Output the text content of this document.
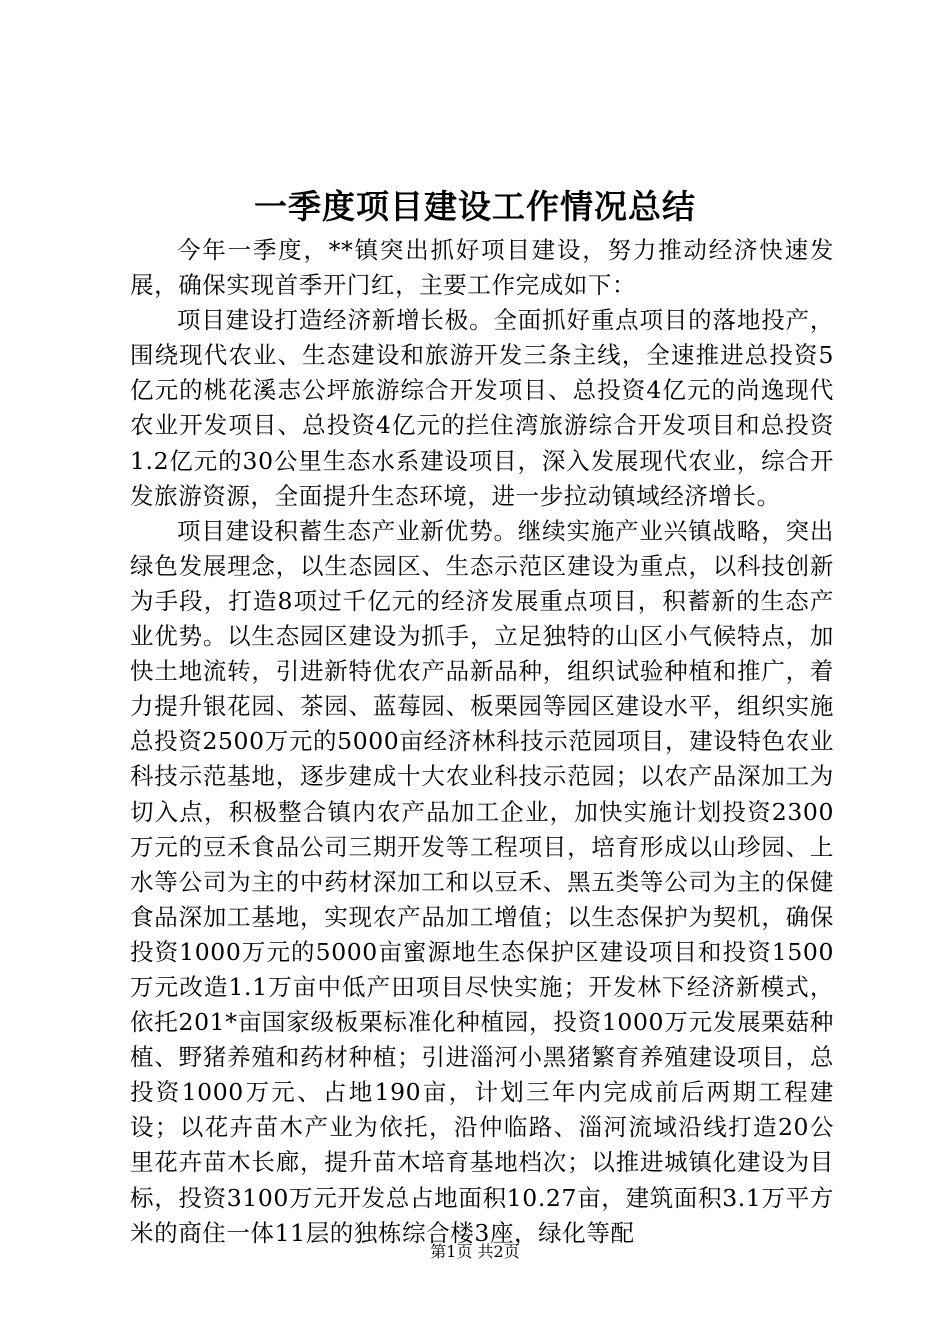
一季度项目建设工作情况总结

今年一季度，**镇突出抓好项目建设，努力推动经济快速发展，确保实现首季开门红，主要工作完成如下：

项目建设打造经济新增长极。全面抓好重点项目的落地投产，围绕现代农业、生态建设和旅游开发三条主线，全速推进总投资5亿元的桃花溪志公坪旅游综合开发项目、总投资4亿元的尚逸现代农业开发项目、总投资4亿元的拦住湾旅游综合开发项目和总投资1.2亿元的30公里生态水系建设项目，深入发展现代农业，综合开发旅游资源，全面提升生态环境，进一步拉动镇域经济增长。

项目建设积蓄生态产业新优势。继续实施产业兴镇战略，突出绿色发展理念，以生态园区、生态示范区建设为重点，以科技创新为手段，打造8项过千亿元的经济发展重点项目，积蓄新的生态产业优势。以生态园区建设为抓手，立足独特的山区小气候特点，加快土地流转，引进新特优农产品新品种，组织试验种植和推广，着力提升银花园、茶园、蓝莓园、板栗园等园区建设水平，组织实施总投资2500万元的5000亩经济林科技示范园项目，建设特色农业科技示范基地，逐步建成十大农业科技示范园；以农产品深加工为切入点，积极整合镇内农产品加工企业，加快实施计划投资2300万元的豆禾食品公司三期开发等工程项目，培育形成以山珍园、上水等公司为主的中药材深加工和以豆禾、黑五类等公司为主的保健食品深加工基地，实现农产品加工增值；以生态保护为契机，确保投资1000万元的5000亩蜜源地生态保护区建设项目和投资1500万元改造1.1万亩中低产田项目尽快实施；开发林下经济新模式，依托201*亩国家级板栗标准化种植园，投资1000万元发展栗菇种植、野猪养殖和药材种植；引进淄河小黑猪繁育养殖建设项目，总投资1000万元、占地190亩，计划三年内完成前后两期工程建设；以花卉苗木产业为依托，沿仲临路、淄河流域沿线打造20公里花卉苗木长廊，提升苗木培育基地档次；以推进城镇化建设为目标，投资3100万元开发总占地面积10.27亩，建筑面积3.1万平方米的商住一体11层的独栋综合楼3座，绿化等配

第1页 共2页
